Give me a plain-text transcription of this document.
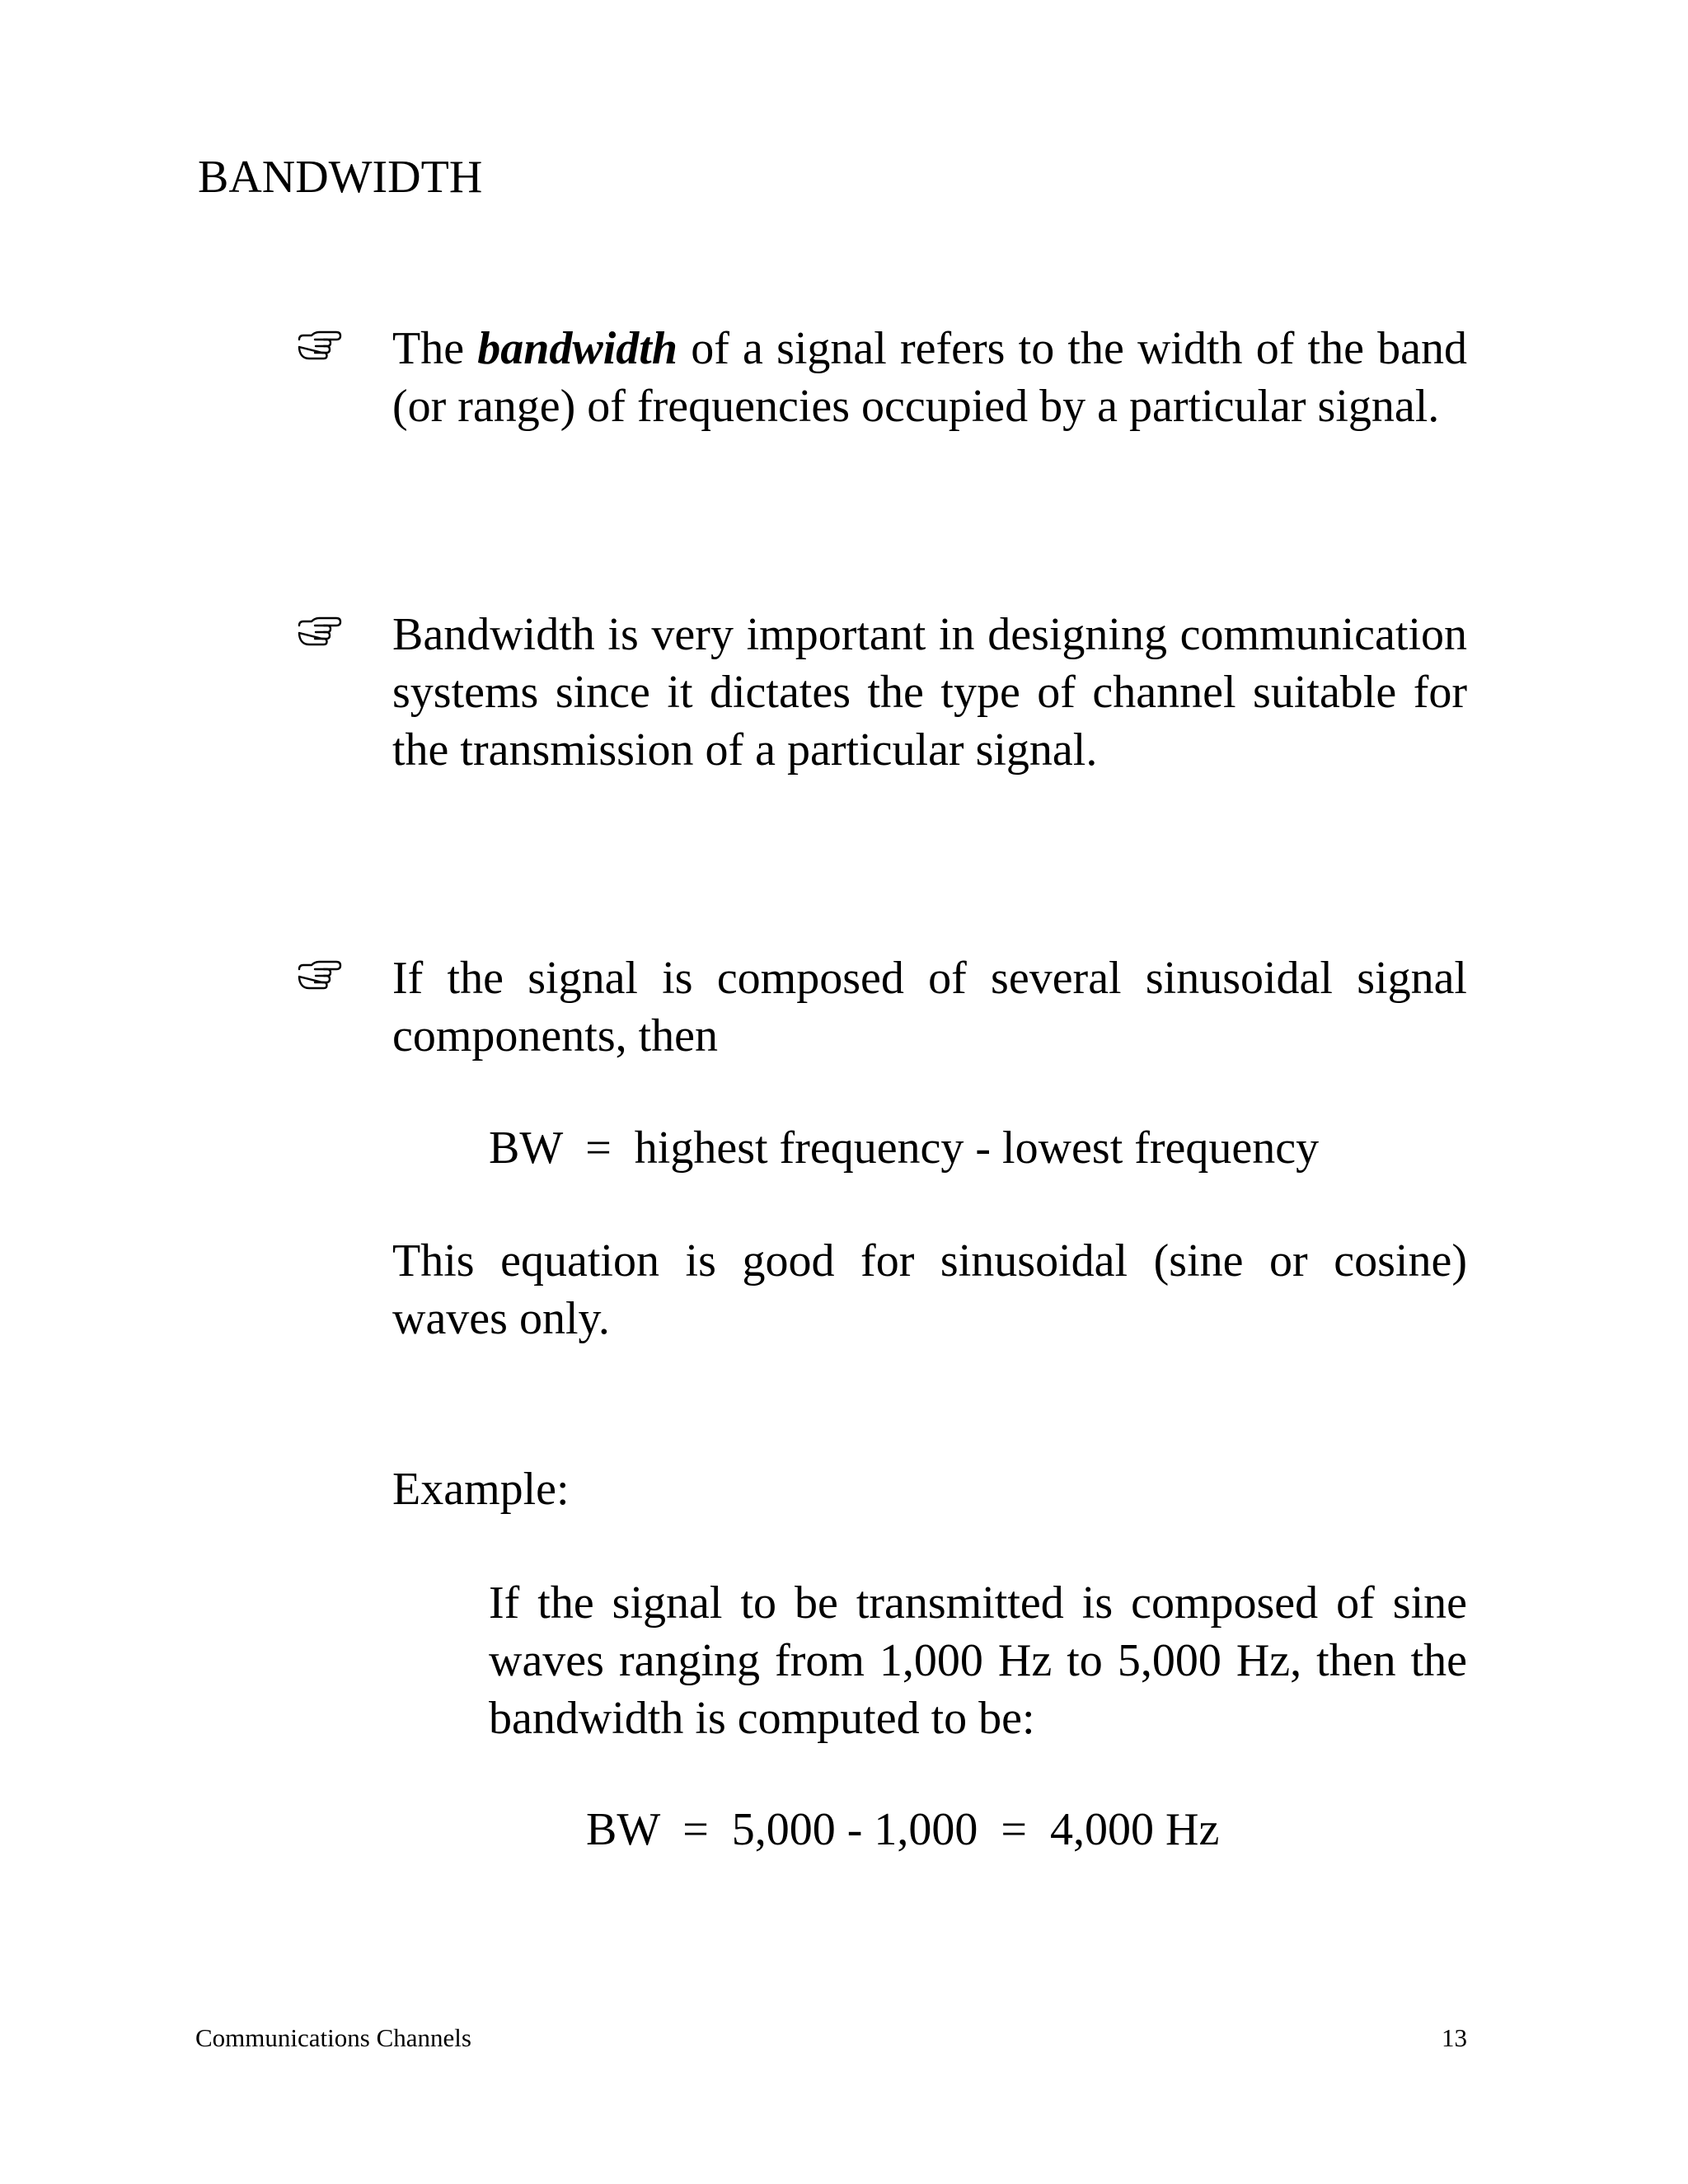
BANDWIDTH
The bandwidth of a signal refers to the width of the band (or range) of frequencies occupied by a particular signal.
Bandwidth is very important in designing communication systems since it dictates the type of channel suitable for the transmission of a particular signal.
If the signal is composed of several sinusoidal signal components, then
BW  =  highest frequency - lowest frequency
This equation is good for sinusoidal (sine or cosine) waves only.
Example:
If the signal to be transmitted is composed of sine waves ranging from 1,000 Hz to 5,000 Hz, then the bandwidth is computed to be:
BW  =  5,000 - 1,000  =  4,000 Hz
Communications Channels	13
